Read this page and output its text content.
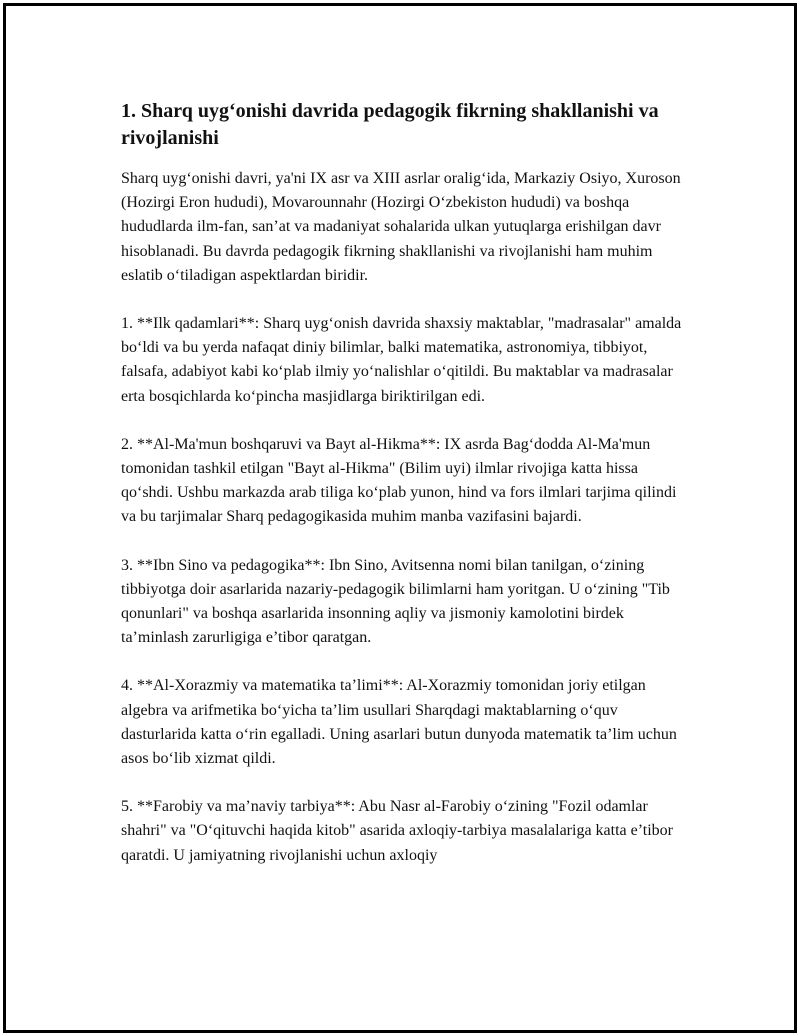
1. Sharq uyg‘onishi davrida pedagogik fikrning shakllanishi va rivojlanishi

Sharq uyg‘onishi davri, ya'ni IX asr va XIII asrlar oralig‘ida, Markaziy Osiyo, Xuroson (Hozirgi Eron hududi), Movarounnahr (Hozirgi O‘zbekiston hududi) va boshqa hududlarda ilm-fan, san’at va madaniyat sohalarida ulkan yutuqlarga erishilgan davr hisoblanadi. Bu davrda pedagogik fikrning shakllanishi va rivojlanishi ham muhim eslatib o‘tiladigan aspektlardan biridir.

1. **Ilk qadamlari**: Sharq uyg‘onish davrida shaxsiy maktablar, "madrasalar" amalda bo‘ldi va bu yerda nafaqat diniy bilimlar, balki matematika, astronomiya, tibbiyot, falsafa, adabiyot kabi ko‘plab ilmiy yo‘nalishlar o‘qitildi. Bu maktablar va madrasalar erta bosqichlarda ko‘pincha masjidlarga biriktirilgan edi.

2. **Al-Ma'mun boshqaruvi va Bayt al-Hikma**: IX asrda Bag‘dodda Al-Ma'mun tomonidan tashkil etilgan "Bayt al-Hikma" (Bilim uyi) ilmlar rivojiga katta hissa qo‘shdi. Ushbu markazda arab tiliga ko‘plab yunon, hind va fors ilmlari tarjima qilindi va bu tarjimalar Sharq pedagogikasida muhim manba vazifasini bajardi.

3. **Ibn Sino va pedagogika**: Ibn Sino, Avitsenna nomi bilan tanilgan, o‘zining tibbiyotga doir asarlarida nazariy-pedagogik bilimlarni ham yoritgan. U o‘zining "Tib qonunlari" va boshqa asarlarida insonning aqliy va jismoniy kamolotini birdek ta’minlash zarurligiga e’tibor qaratgan.

4. **Al-Xorazmiy va matematika ta’limi**: Al-Xorazmiy tomonidan joriy etilgan algebra va arifmetika bo‘yicha ta’lim usullari Sharqdagi maktablarning o‘quv dasturlarida katta o‘rin egalladi. Uning asarlari butun dunyoda matematik ta’lim uchun asos bo‘lib xizmat qildi.

5. **Farobiy va ma’naviy tarbiya**: Abu Nasr al-Farobiy o‘zining "Fozil odamlar shahri" va "O‘qituvchi haqida kitob" asarida axloqiy-tarbiya masalalariga katta e’tibor qaratdi. U jamiyatning rivojlanishi uchun axloqiy
